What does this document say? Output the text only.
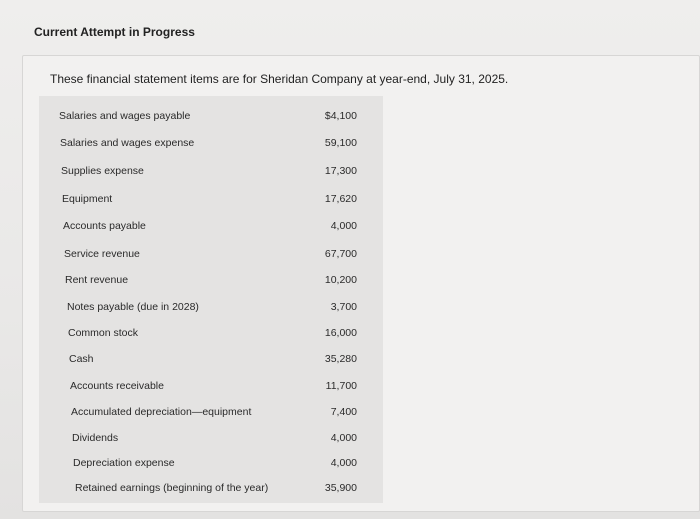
Current Attempt in Progress
These financial statement items are for Sheridan Company at year-end, July 31, 2025.
Salaries and wages payable	$4,100
Salaries and wages expense	59,100
Supplies expense	17,300
Equipment	17,620
Accounts payable	4,000
Service revenue	67,700
Rent revenue	10,200
Notes payable (due in 2028)	3,700
Common stock	16,000
Cash	35,280
Accounts receivable	11,700
Accumulated depreciation—equipment	7,400
Dividends	4,000
Depreciation expense	4,000
Retained earnings (beginning of the year)	35,900
